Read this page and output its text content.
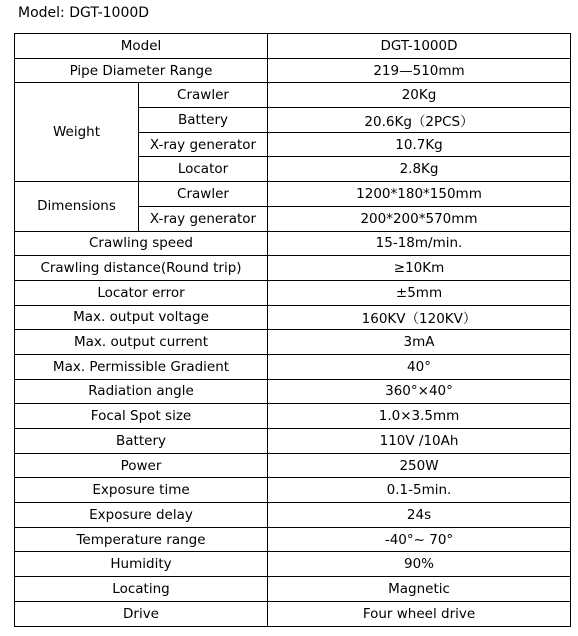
Model: DGT-1000D
Model		DGT-1000D
Pipe Diameter Range		219—510mm
Weight	Crawler	20Kg
	Battery	20.6Kg（2PCS）
	X-ray generator	10.7Kg
	Locator	2.8Kg
Dimensions	Crawler	1200*180*150mm
	X-ray generator	200*200*570mm
Crawling speed		15-18m/min.
Crawling distance(Round trip)		≥10Km
Locator error		±5mm
Max. output voltage		160KV（120KV）
Max. output current		3mA
Max. Permissible Gradient		40°
Radiation angle		360°×40°
Focal Spot size		1.0×3.5mm
Battery		110V /10Ah
Power		250W
Exposure time		0.1-5min.
Exposure delay		24s
Temperature range		-40°~ 70°
Humidity		90%
Locating		Magnetic
Drive		Four wheel drive
